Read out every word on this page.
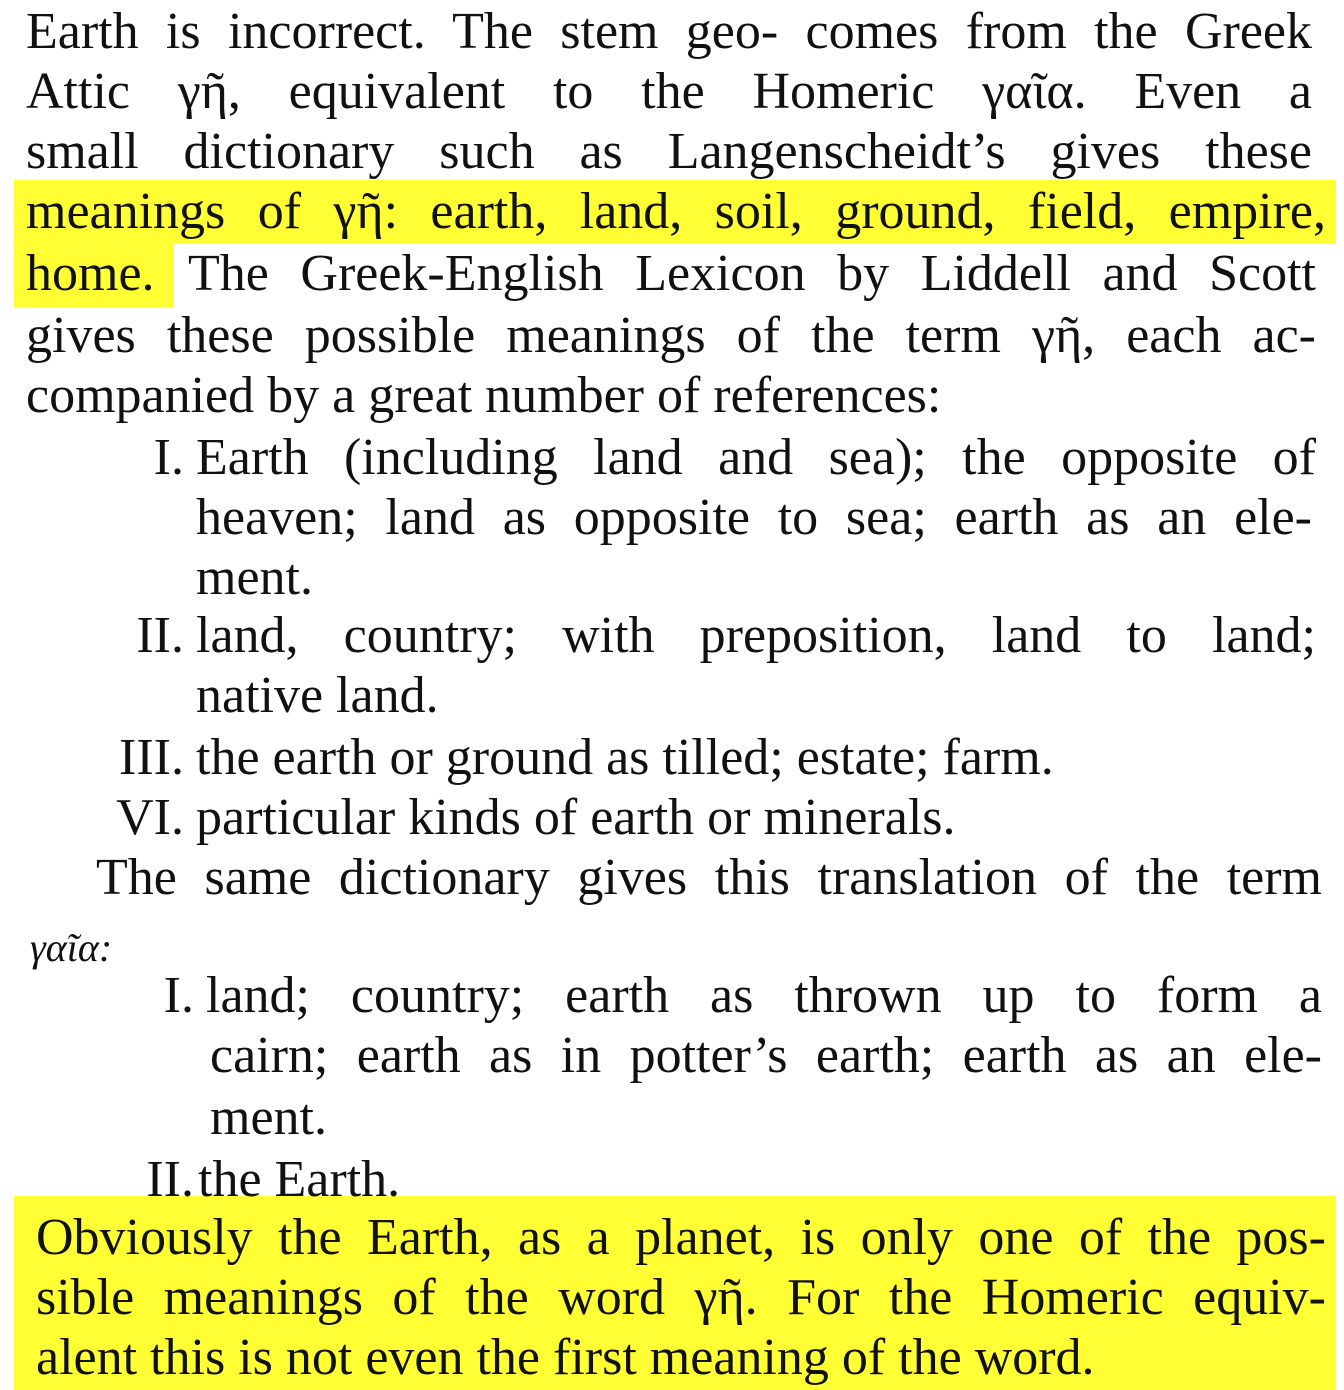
Earth is incorrect. The stem geo- comes from the Greek
Attic γῆ, equivalent to the Homeric γαῖα. Even a
small dictionary such as Langenscheidt’s gives these
meanings of γῆ: earth, land, soil, ground, field, empire,
home. The Greek-English Lexicon by Liddell and Scott
gives these possible meanings of the term γῆ, each ac-
companied by a great number of references:
I. Earth (including land and sea); the opposite of
heaven; land as opposite to sea; earth as an ele-
ment.
II. land, country; with preposition, land to land;
native land.
III. the earth or ground as tilled; estate; farm.
VI. particular kinds of earth or minerals.
The same dictionary gives this translation of the term
γαῖα:
I. land; country; earth as thrown up to form a
cairn; earth as in potter’s earth; earth as an ele-
ment.
II. the Earth.
Obviously the Earth, as a planet, is only one of the pos-
sible meanings of the word γῆ. For the Homeric equiv-
alent this is not even the first meaning of the word.
